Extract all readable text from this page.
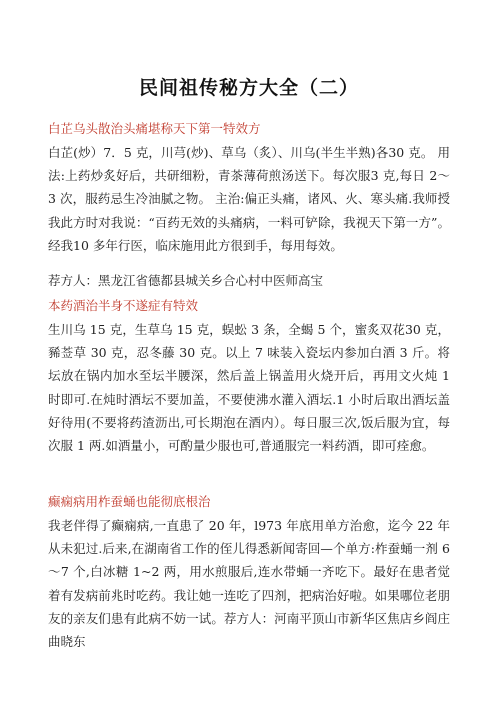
民间祖传秘方大全（二）
白芷乌头散治头痛堪称天下第一特效方

白芷(炒）7．5 克，川芎(炒)、草乌（炙）、川乌(半生半熟)各30 克。 用法:上药炒炙好后，共研细粉，青茶薄荷煎汤送下。每次服3 克,每日 2～3 次，服药忌生冷油腻之物。 主治:偏正头痛，诸风、火、寒头痛.我师授我此方时对我说：“百药无效的头痛病，一料可铲除，我视天下第一方”。经我10 多年行医，临床施用此方很到手，每用每效。

荐方人：黑龙江省德都县城关乡合心村中医师高宝

本药酒治半身不遂症有特效

生川乌 15 克，生草乌 15 克，蜈蚣 3 条，全蝎 5 个，蜜炙双花30 克，豨莶草 30 克，忍冬藤 30 克。以上 7 味装入瓷坛内参加白酒 3 斤。将坛放在锅内加水至坛半腰深，然后盖上锅盖用火烧开后，再用文火炖 1 时即可.在炖时酒坛不要加盖，不要使沸水灌入酒坛.1 小时后取出酒坛盖好待用(不要将药渣沥出,可长期泡在酒内）。每日服三次,饭后服为宜，每次服 1 两.如酒量小，可酌量少服也可,普通服完一料药酒，即可痊愈。

癫痫病用柞蚕蛹也能彻底根治

我老伴得了癫痫病,一直患了 20 年，l973 年底用单方治愈，迄今 22 年从未犯过.后来,在湖南省工作的侄儿得悉新闻寄回—个单方:柞蚕蛹一剂 6～7 个,白冰糖 1~2 两，用水煎服后,连水带蛹一齐吃下。最好在患者觉着有发病前兆时吃药。我让她一连吃了四剂，把病治好啦。如果哪位老朋友的亲友们患有此病不妨一试。荐方人：河南平顶山市新华区焦店乡阎庄曲晓东
